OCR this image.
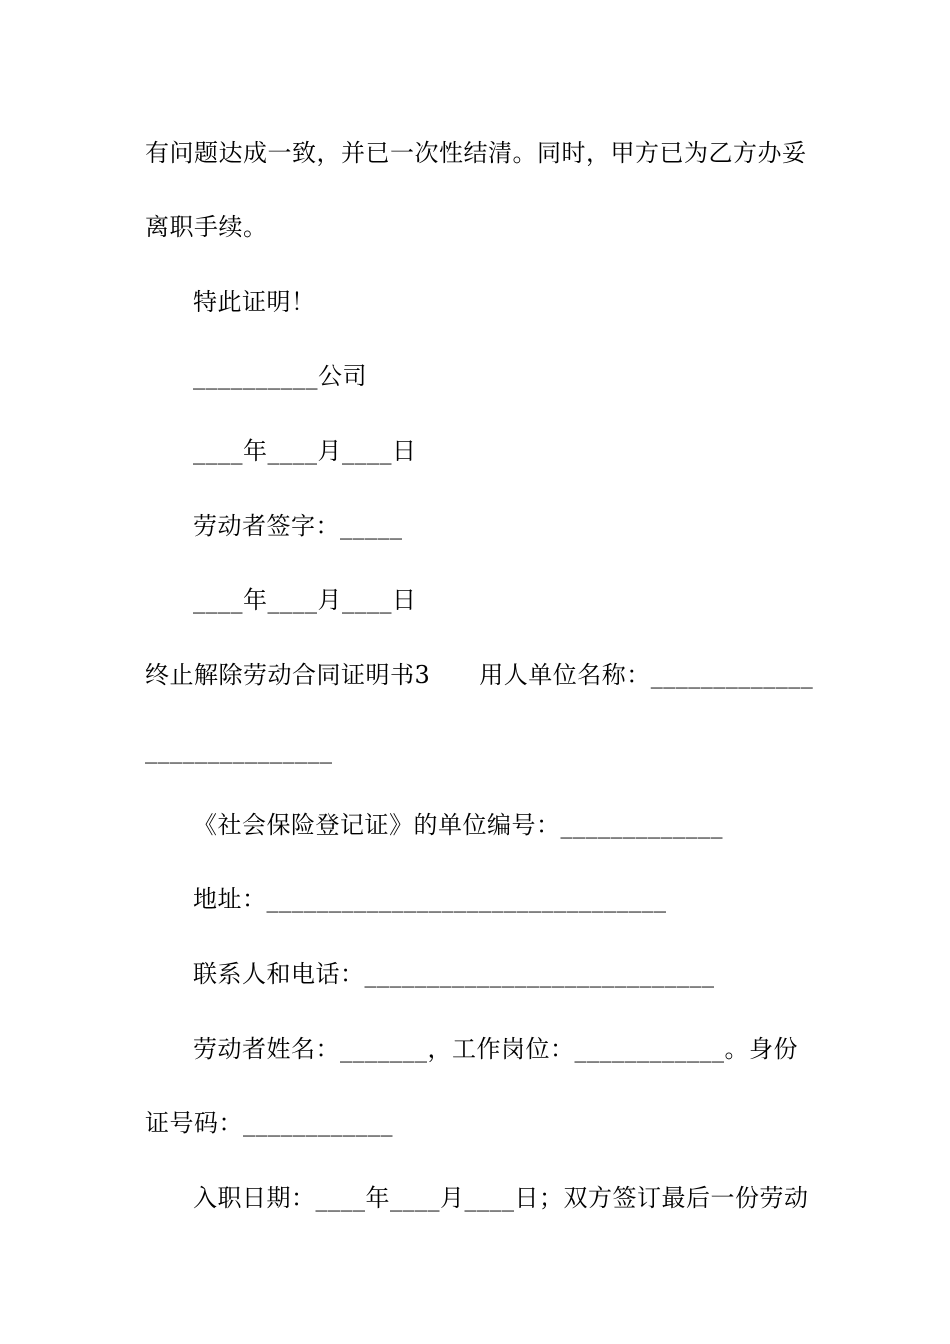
有问题达成一致，并已一次性结清。同时，甲方已为乙方办妥
离职手续。
特此证明！
__________公司
____年____月____日
劳动者签字：_____
____年____月____日
终止解除劳动合同证明书3　　用人单位名称：_____________
_______________
《社会保险登记证》的单位编号：_____________
地址：________________________________
联系人和电话：____________________________
劳动者姓名：_______，工作岗位：____________。身份
证号码：____________
入职日期：____年____月____日；双方签订最后一份劳动
